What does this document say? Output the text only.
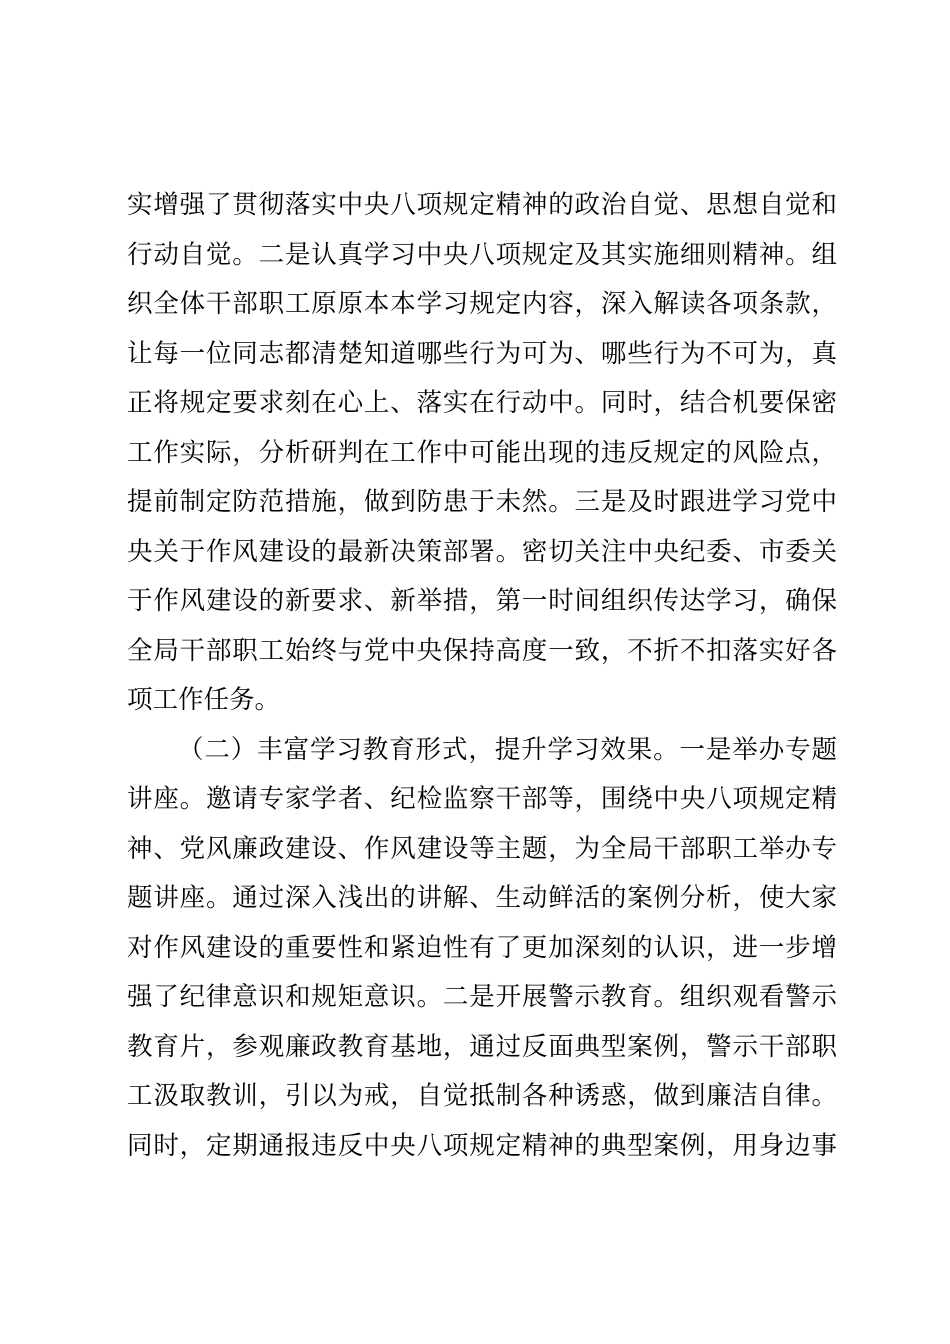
实增强了贯彻落实中央八项规定精神的政治自觉、思想自觉和
行动自觉。二是认真学习中央八项规定及其实施细则精神。组
织全体干部职工原原本本学习规定内容，深入解读各项条款，
让每一位同志都清楚知道哪些行为可为、哪些行为不可为，真
正将规定要求刻在心上、落实在行动中。同时，结合机要保密
工作实际，分析研判在工作中可能出现的违反规定的风险点，
提前制定防范措施，做到防患于未然。三是及时跟进学习党中
央关于作风建设的最新决策部署。密切关注中央纪委、市委关
于作风建设的新要求、新举措，第一时间组织传达学习，确保
全局干部职工始终与党中央保持高度一致，不折不扣落实好各
项工作任务。
（二）丰富学习教育形式，提升学习效果。一是举办专题
讲座。邀请专家学者、纪检监察干部等，围绕中央八项规定精
神、党风廉政建设、作风建设等主题，为全局干部职工举办专
题讲座。通过深入浅出的讲解、生动鲜活的案例分析，使大家
对作风建设的重要性和紧迫性有了更加深刻的认识，进一步增
强了纪律意识和规矩意识。二是开展警示教育。组织观看警示
教育片，参观廉政教育基地，通过反面典型案例，警示干部职
工汲取教训，引以为戒，自觉抵制各种诱惑，做到廉洁自律。
同时，定期通报违反中央八项规定精神的典型案例，用身边事
